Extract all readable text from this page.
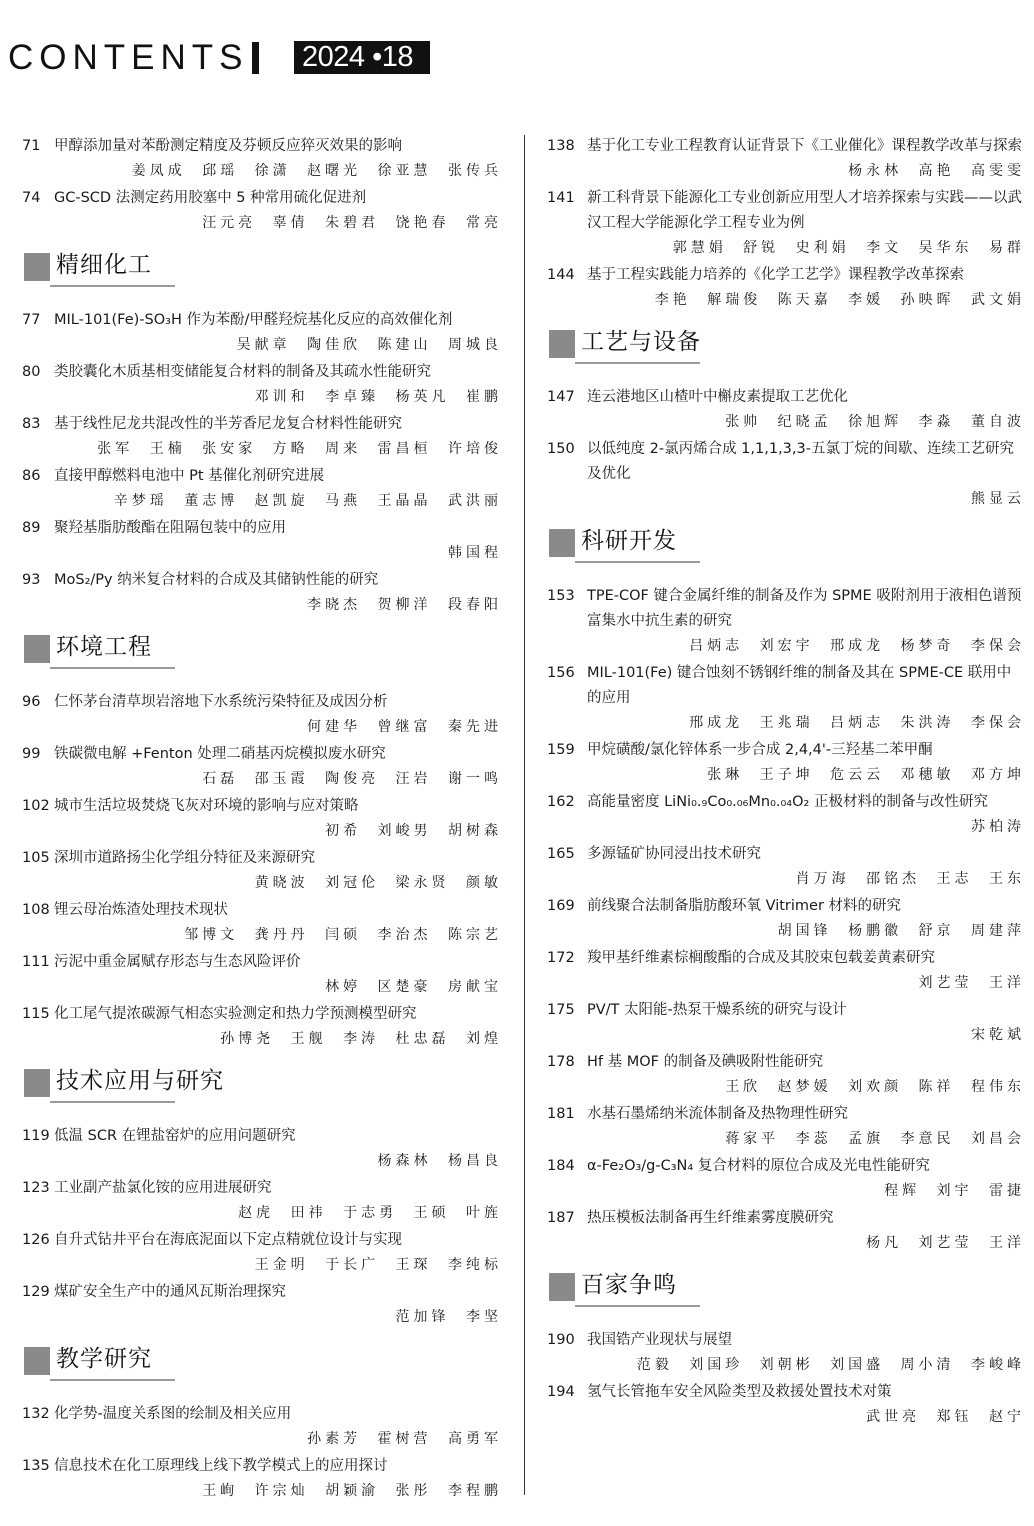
CONTENTS 2024 •18
71 甲醇添加量对苯酚测定精度及芬顿反应猝灭效果的影响
姜凤成 邱瑶 徐潇 赵曙光 徐亚慧 张传兵
74 GC-SCD 法测定药用胶塞中 5 种常用硫化促进剂
汪元亮 辜倩 朱碧君 饶艳春 常亮
精细化工
77 MIL-101(Fe)-SO₃H 作为苯酚/甲醛羟烷基化反应的高效催化剂
吴献章 陶佳欣 陈建山 周城良
80 类胶囊化木质基相变储能复合材料的制备及其疏水性能研究
邓训和 李卓臻 杨英凡 崔鹏
83 基于线性尼龙共混改性的半芳香尼龙复合材料性能研究
张军 王楠 张安家 方略 周来 雷昌桓 许培俊
86 直接甲醇燃料电池中 Pt 基催化剂研究进展
辛梦瑶 董志博 赵凯旋 马燕 王晶晶 武洪丽
89 聚羟基脂肪酸酯在阻隔包装中的应用
韩国程
93 MoS₂/Py 纳米复合材料的合成及其储钠性能的研究
李晓杰 贺柳洋 段春阳
环境工程
96 仁怀茅台清草坝岩溶地下水系统污染特征及成因分析
何建华 曾继富 秦先进
99 铁碳微电解 +Fenton 处理二硝基丙烷模拟废水研究
石磊 邵玉霞 陶俊亮 汪岩 谢一鸣
102 城市生活垃圾焚烧飞灰对环境的影响与应对策略
初希 刘峻男 胡树森
105 深圳市道路扬尘化学组分特征及来源研究
黄晓波 刘冠伦 梁永贤 颜敏
108 锂云母冶炼渣处理技术现状
邹博文 龚丹丹 闫硕 李治杰 陈宗艺
111 污泥中重金属赋存形态与生态风险评价
林婷 区楚豪 房献宝
115 化工尾气提浓碳源气相态实验测定和热力学预测模型研究
孙博尧 王舰 李涛 杜忠磊 刘煌
技术应用与研究
119 低温 SCR 在锂盐窑炉的应用问题研究
杨森林 杨昌良
123 工业副产盐氯化铵的应用进展研究
赵虎 田祎 于志勇 王硕 叶旌
126 自升式钻井平台在海底泥面以下定点精就位设计与实现
王金明 于长广 王琛 李纯标
129 煤矿安全生产中的通风瓦斯治理探究
范加锋 李坚
教学研究
132 化学势-温度关系图的绘制及相关应用
孙素芳 霍树营 高勇军
135 信息技术在化工原理线上线下教学模式上的应用探讨
王峋 许宗灿 胡颖渝 张彤 李程鹏
138 基于化工专业工程教育认证背景下《工业催化》课程教学改革与探索
杨永林 高艳 高雯雯
141 新工科背景下能源化工专业创新应用型人才培养探索与实践——以武汉工程大学能源化学工程专业为例
郭慧娟 舒锐 史利娟 李文 吴华东 易群
144 基于工程实践能力培养的《化学工艺学》课程教学改革探索
李艳 解瑞俊 陈天嘉 李媛 孙映晖 武文娟
工艺与设备
147 连云港地区山楂叶中槲皮素提取工艺优化
张帅 纪晓孟 徐旭辉 李淼 董自波
150 以低纯度 2-氯丙烯合成 1,1,1,3,3-五氯丁烷的间歇、连续工艺研究及优化
熊显云
科研开发
153 TPE-COF 键合金属纤维的制备及作为 SPME 吸附剂用于液相色谱预富集水中抗生素的研究
吕炳志 刘宏宇 邢成龙 杨梦奇 李保会
156 MIL-101(Fe) 键合蚀刻不锈钢纤维的制备及其在 SPME-CE 联用中的应用
邢成龙 王兆瑞 吕炳志 朱洪涛 李保会
159 甲烷磺酸/氯化锌体系一步合成 2,4,4'-三羟基二苯甲酮
张琳 王子坤 危云云 邓穗敏 邓方坤
162 高能量密度 LiNi₀.₉Co₀.₀₆Mn₀.₀₄O₂ 正极材料的制备与改性研究
苏柏涛
165 多源锰矿协同浸出技术研究
肖万海 邵铭杰 王志 王东
169 前线聚合法制备脂肪酸环氧 Vitrimer 材料的研究
胡国锋 杨鹏徽 舒京 周建萍
172 羧甲基纤维素棕榈酸酯的合成及其胶束包载姜黄素研究
刘艺莹 王洋
175 PV/T 太阳能-热泵干燥系统的研究与设计
宋乾斌
178 Hf 基 MOF 的制备及碘吸附性能研究
王欣 赵梦媛 刘欢颜 陈祥 程伟东
181 水基石墨烯纳米流体制备及热物理性研究
蒋家平 李蕊 孟旗 李意民 刘昌会
184 α-Fe₂O₃/g-C₃N₄ 复合材料的原位合成及光电性能研究
程辉 刘宇 雷捷
187 热压模板法制备再生纤维素雾度膜研究
杨凡 刘艺莹 王洋
百家争鸣
190 我国锆产业现状与展望
范毅 刘国珍 刘朝彬 刘国盛 周小清 李峻峰
194 氢气长管拖车安全风险类型及救援处置技术对策
武世亮 郑钰 赵宁
